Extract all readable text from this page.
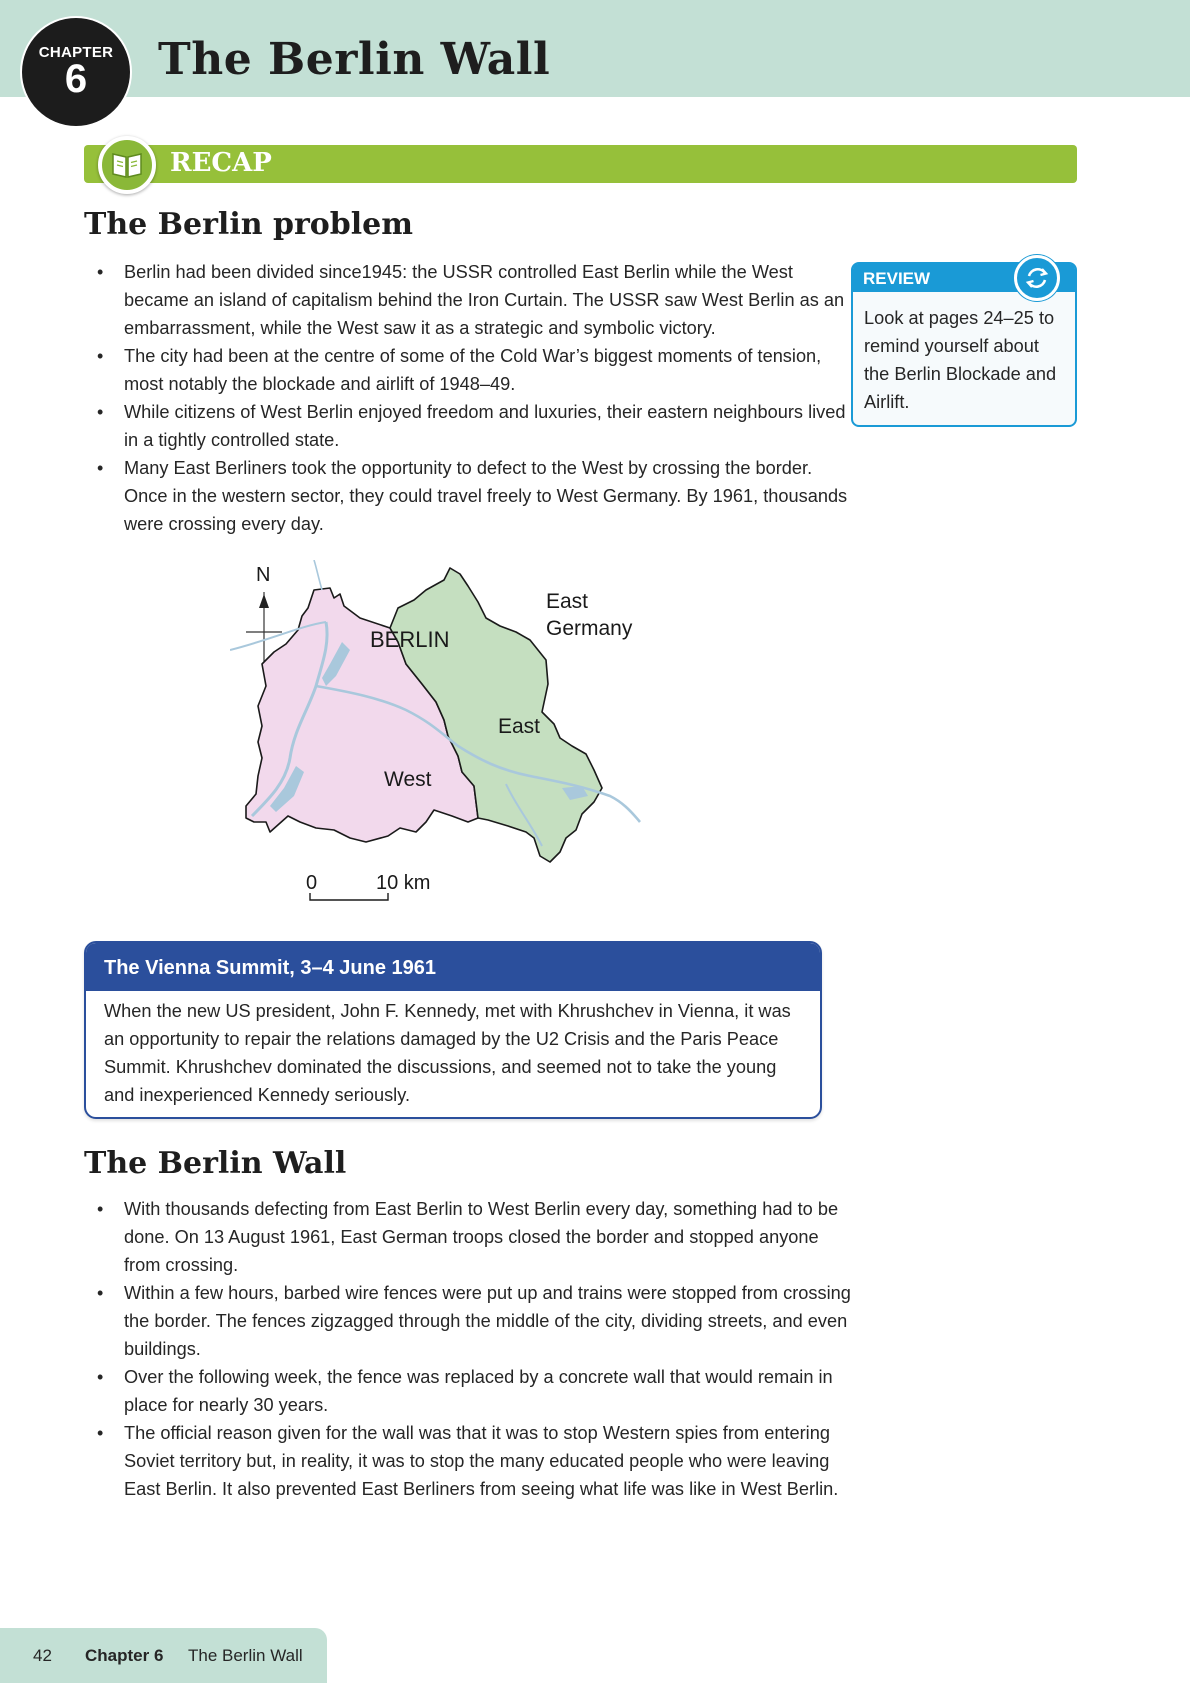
CHAPTER
6	The Berlin Wall
RECAP
The Berlin problem
• Berlin had been divided since1945: the USSR controlled East Berlin while the West became an island of capitalism behind the Iron Curtain. The USSR saw West Berlin as an embarrassment, while the West saw it as a strategic and symbolic victory.
• The city had been at the centre of some of the Cold War’s biggest moments of tension, most notably the blockade and airlift of 1948–49.
• While citizens of West Berlin enjoyed freedom and luxuries, their eastern neighbours lived in a tightly controlled state.
• Many East Berliners took the opportunity to defect to the West by crossing the border. Once in the western sector, they could travel freely to West Germany. By 1961, thousands were crossing every day.
REVIEW
Look at pages 24–25 to remind yourself about the Berlin Blockade and Airlift.
N
BERLIN
East
Germany
East
West
0	10 km
The Vienna Summit, 3–4 June 1961
When the new US president, John F. Kennedy, met with Khrushchev in Vienna, it was an opportunity to repair the relations damaged by the U2 Crisis and the Paris Peace Summit. Khrushchev dominated the discussions, and seemed not to take the young and inexperienced Kennedy seriously.
The Berlin Wall
• With thousands defecting from East Berlin to West Berlin every day, something had to be done. On 13 August 1961, East German troops closed the border and stopped anyone from crossing.
• Within a few hours, barbed wire fences were put up and trains were stopped from crossing the border. The fences zigzagged through the middle of the city, dividing streets, and even buildings.
• Over the following week, the fence was replaced by a concrete wall that would remain in place for nearly 30 years.
• The official reason given for the wall was that it was to stop Western spies from entering Soviet territory but, in reality, it was to stop the many educated people who were leaving East Berlin. It also prevented East Berliners from seeing what life was like in West Berlin.
42 Chapter 6 The Berlin Wall
